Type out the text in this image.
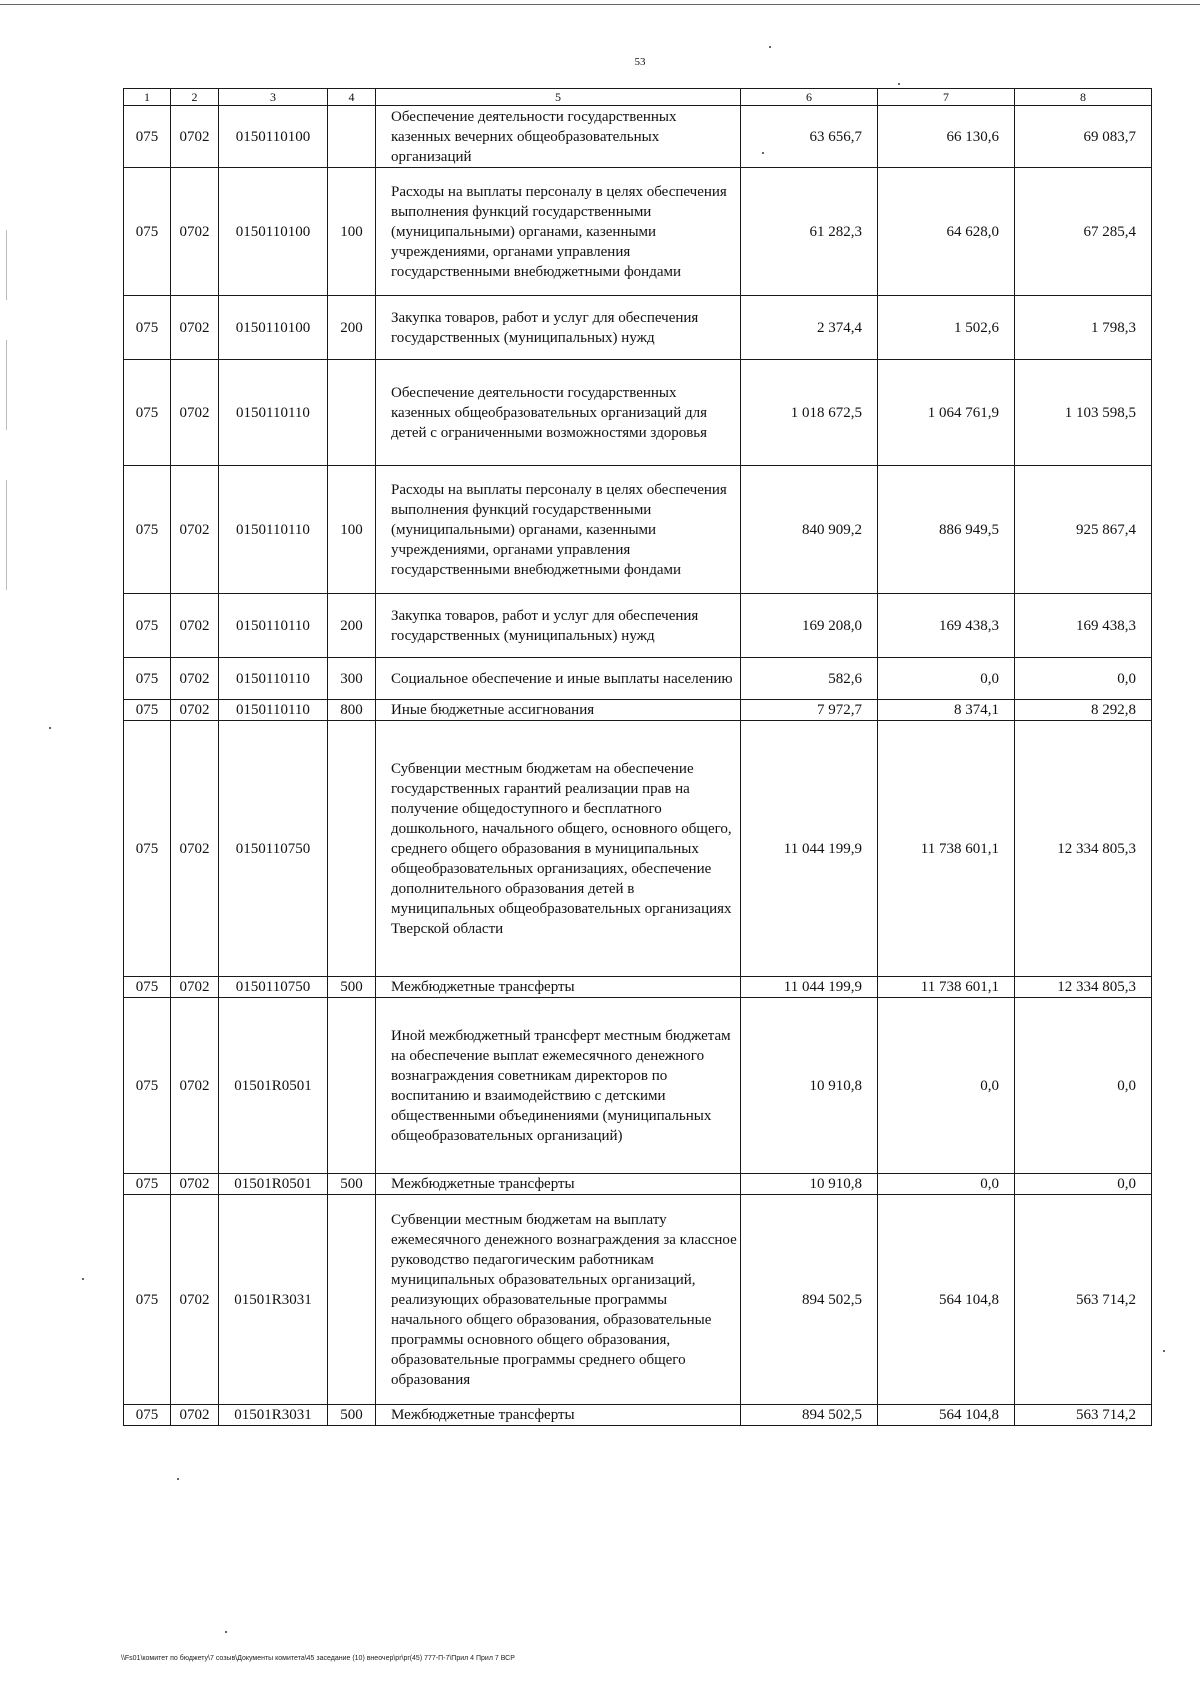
53
1	2	3	4	5	6	7	8
075	0702	0150110100		Обеспечение деятельности государственных казенных вечерних общеобразовательных организаций	63 656,7	66 130,6	69 083,7
075	0702	0150110100	100	Расходы на выплаты персоналу в целях обеспечения выполнения функций государственными (муниципальными) органами, казенными учреждениями, органами управления государственными внебюджетными фондами	61 282,3	64 628,0	67 285,4
075	0702	0150110100	200	Закупка товаров, работ и услуг для обеспечения государственных (муниципальных) нужд	2 374,4	1 502,6	1 798,3
075	0702	0150110110		Обеспечение деятельности государственных казенных общеобразовательных организаций для детей с ограниченными возможностями здоровья	1 018 672,5	1 064 761,9	1 103 598,5
075	0702	0150110110	100	Расходы на выплаты персоналу в целях обеспечения выполнения функций государственными (муниципальными) органами, казенными учреждениями, органами управления государственными внебюджетными фондами	840 909,2	886 949,5	925 867,4
075	0702	0150110110	200	Закупка товаров, работ и услуг для обеспечения государственных (муниципальных) нужд	169 208,0	169 438,3	169 438,3
075	0702	0150110110	300	Социальное обеспечение и иные выплаты населению	582,6	0,0	0,0
075	0702	0150110110	800	Иные бюджетные ассигнования	7 972,7	8 374,1	8 292,8
075	0702	0150110750		Субвенции местным бюджетам на обеспечение государственных гарантий реализации прав на получение общедоступного и бесплатного дошкольного, начального общего, основного общего, среднего общего образования в муниципальных общеобразовательных организациях, обеспечение дополнительного образования детей в муниципальных общеобразовательных организациях Тверской области	11 044 199,9	11 738 601,1	12 334 805,3
075	0702	0150110750	500	Межбюджетные трансферты	11 044 199,9	11 738 601,1	12 334 805,3
075	0702	01501R0501		Иной межбюджетный трансферт местным бюджетам на обеспечение выплат ежемесячного денежного вознаграждения советникам директоров по воспитанию и взаимодействию с детскими общественными объединениями (муниципальных общеобразовательных организаций)	10 910,8	0,0	0,0
075	0702	01501R0501	500	Межбюджетные трансферты	10 910,8	0,0	0,0
075	0702	01501R3031		Субвенции местным бюджетам на выплату ежемесячного денежного вознаграждения за классное руководство педагогическим работникам муниципальных образовательных организаций, реализующих образовательные программы начального общего образования, образовательные программы основного общего образования, образовательные программы среднего общего образования	894 502,5	564 104,8	563 714,2
075	0702	01501R3031	500	Межбюджетные трансферты	894 502,5	564 104,8	563 714,2
\\Fs01\комитет по бюджету\7 созыв\Документы комитета\45 заседание (10) внеочер\pr\pr(45) 777-П-7\Прил 4 Прил 7 ВСР
